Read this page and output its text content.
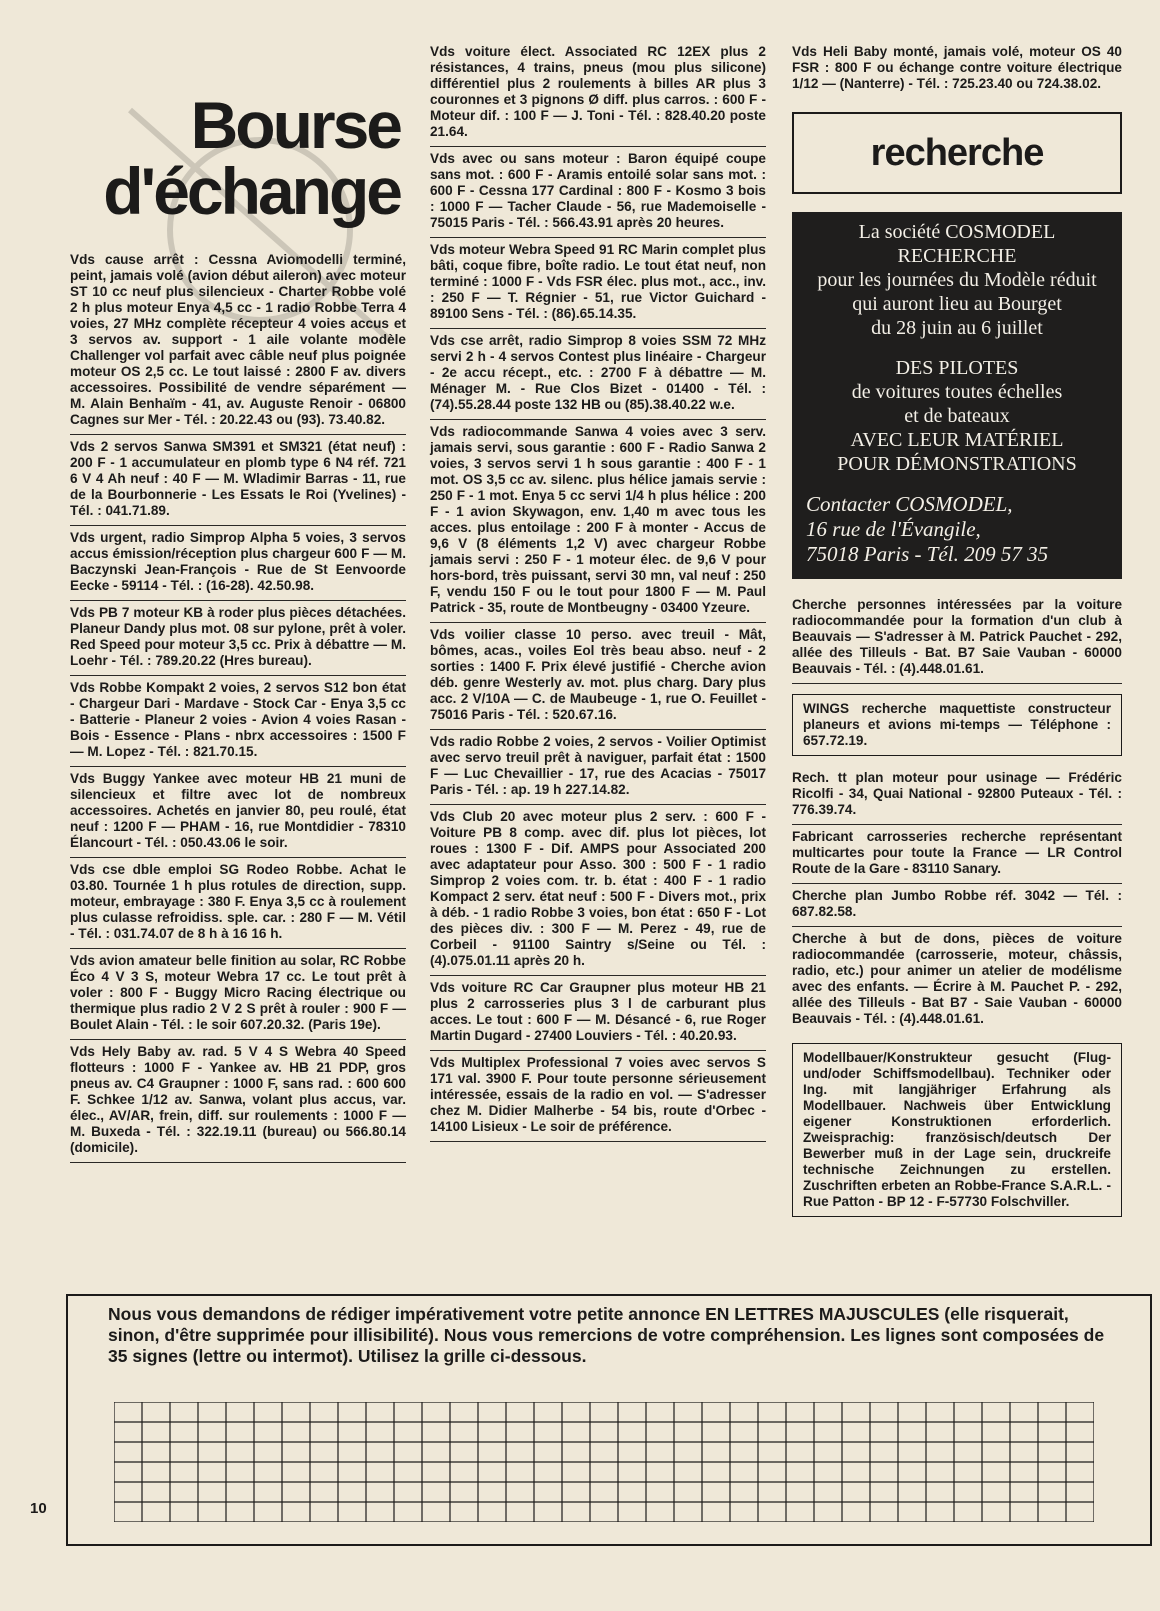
Bourse
d'échange

Vds cause arrêt : Cessna Aviomodelli terminé, peint, jamais volé (avion début aileron) avec moteur ST 10 cc neuf plus silencieux - Charter Robbe volé 2 h plus moteur Enya 4,5 cc - 1 radio Robbe Terra 4 voies, 27 MHz complète récepteur 4 voies accus et 3 servos av. support - 1 aile volante modèle Challenger vol parfait avec câble neuf plus poignée moteur OS 2,5 cc. Le tout laissé : 2800 F av. divers accessoires. Possibilité de vendre séparément — M. Alain Benhaïm - 41, av. Auguste Renoir - 06800 Cagnes sur Mer - Tél. : 20.22.43 ou (93). 73.40.82.

Vds 2 servos Sanwa SM391 et SM321 (état neuf) : 200 F - 1 accumulateur en plomb type 6 N4 réf. 721 6 V 4 Ah neuf : 40 F — M. Wladimir Barras - 11, rue de la Bourbonnerie - Les Essats le Roi (Yvelines) - Tél. : 041.71.89.

Vds urgent, radio Simprop Alpha 5 voies, 3 servos accus émission/réception plus chargeur 600 F — M. Baczynski Jean-François - Rue de St Eenvoorde Eecke - 59114 - Tél. : (16-28). 42.50.98.

Vds PB 7 moteur KB à roder plus pièces détachées. Planeur Dandy plus mot. 08 sur pylone, prêt à voler. Red Speed pour moteur 3,5 cc. Prix à débattre — M. Loehr - Tél. : 789.20.22 (Hres bureau).

Vds Robbe Kompakt 2 voies, 2 servos S12 bon état - Chargeur Dari - Mardave - Stock Car - Enya 3,5 cc - Batterie - Planeur 2 voies - Avion 4 voies Rasan - Bois - Essence - Plans - nbrx accessoires : 1500 F — M. Lopez - Tél. : 821.70.15.

Vds Buggy Yankee avec moteur HB 21 muni de silencieux et filtre avec lot de nombreux accessoires. Achetés en janvier 80, peu roulé, état neuf : 1200 F — PHAM - 16, rue Montdidier - 78310 Élancourt - Tél. : 050.43.06 le soir.

Vds cse dble emploi SG Rodeo Robbe. Achat le 03.80. Tournée 1 h plus rotules de direction, supp. moteur, embrayage : 380 F. Enya 3,5 cc à roulement plus culasse refroidiss. sple. car. : 280 F — M. Vétil - Tél. : 031.74.07 de 8 h à 16 16 h.

Vds avion amateur belle finition au solar, RC Robbe Éco 4 V 3 S, moteur Webra 17 cc. Le tout prêt à voler : 800 F - Buggy Micro Racing électrique ou thermique plus radio 2 V 2 S prêt à rouler : 900 F — Boulet Alain - Tél. : le soir 607.20.32. (Paris 19e).

Vds Hely Baby av. rad. 5 V 4 S Webra 40 Speed flotteurs : 1000 F - Yankee av. HB 21 PDP, gros pneus av. C4 Graupner : 1000 F, sans rad. : 600 600 F. Schkee 1/12 av. Sanwa, volant plus accus, var. élec., AV/AR, frein, diff. sur roulements : 1000 F — M. Buxeda - Tél. : 322.19.11 (bureau) ou 566.80.14 (domicile).

Vds voiture élect. Associated RC 12EX plus 2 résistances, 4 trains, pneus (mou plus silicone) différentiel plus 2 roulements à billes AR plus 3 couronnes et 3 pignons Ø diff. plus carros. : 600 F - Moteur dif. : 100 F — J. Toni - Tél. : 828.40.20 poste 21.64.

Vds avec ou sans moteur : Baron équipé coupe sans mot. : 600 F - Aramis entoilé solar sans mot. : 600 F - Cessna 177 Cardinal : 800 F - Kosmo 3 bois : 1000 F — Tacher Claude - 56, rue Mademoiselle - 75015 Paris - Tél. : 566.43.91 après 20 heures.

Vds moteur Webra Speed 91 RC Marin complet plus bâti, coque fibre, boîte radio. Le tout état neuf, non terminé : 1000 F - Vds FSR élec. plus mot., acc., inv. : 250 F — T. Régnier - 51, rue Victor Guichard - 89100 Sens - Tél. : (86).65.14.35.

Vds cse arrêt, radio Simprop 8 voies SSM 72 MHz servi 2 h - 4 servos Contest plus linéaire - Chargeur - 2e accu récept., etc. : 2700 F à débattre — M. Ménager M. - Rue Clos Bizet - 01400 - Tél. : (74).55.28.44 poste 132 HB ou (85).38.40.22 w.e.

Vds radiocommande Sanwa 4 voies avec 3 serv. jamais servi, sous garantie : 600 F - Radio Sanwa 2 voies, 3 servos servi 1 h sous garantie : 400 F - 1 mot. OS 3,5 cc av. silenc. plus hélice jamais servie : 250 F - 1 mot. Enya 5 cc servi 1/4 h plus hélice : 200 F - 1 avion Skywagon, env. 1,40 m avec tous les acces. plus entoilage : 200 F à monter - Accus de 9,6 V (8 éléments 1,2 V) avec chargeur Robbe jamais servi : 250 F - 1 moteur élec. de 9,6 V pour hors-bord, très puissant, servi 30 mn, val neuf : 250 F, vendu 150 F ou le tout pour 1800 F — M. Paul Patrick - 35, route de Montbeugny - 03400 Yzeure.

Vds voilier classe 10 perso. avec treuil - Mât, bômes, acas., voiles Eol très beau abso. neuf - 2 sorties : 1400 F. Prix élevé justifié - Cherche avion déb. genre Westerly av. mot. plus charg. Dary plus acc. 2 V/10A — C. de Maubeuge - 1, rue O. Feuillet - 75016 Paris - Tél. : 520.67.16.

Vds radio Robbe 2 voies, 2 servos - Voilier Optimist avec servo treuil prêt à naviguer, parfait état : 1500 F — Luc Chevaillier - 17, rue des Acacias - 75017 Paris - Tél. : ap. 19 h 227.14.82.

Vds Club 20 avec moteur plus 2 serv. : 600 F - Voiture PB 8 comp. avec dif. plus lot pièces, lot roues : 1300 F - Dif. AMPS pour Associated 200 avec adaptateur pour Asso. 300 : 500 F - 1 radio Simprop 2 voies com. tr. b. état : 400 F - 1 radio Kompact 2 serv. état neuf : 500 F - Divers mot., prix à déb. - 1 radio Robbe 3 voies, bon état : 650 F - Lot des pièces div. : 300 F — M. Perez - 49, rue de Corbeil - 91100 Saintry s/Seine ou Tél. : (4).075.01.11 après 20 h.

Vds voiture RC Car Graupner plus moteur HB 21 plus 2 carrosseries plus 3 l de carburant plus acces. Le tout : 600 F — M. Désancé - 6, rue Roger Martin Dugard - 27400 Louviers - Tél. : 40.20.93.

Vds Multiplex Professional 7 voies avec servos S 171 val. 3900 F. Pour toute personne sérieusement intéressée, essais de la radio en vol. — S'adresser chez M. Didier Malherbe - 54 bis, route d'Orbec - 14100 Lisieux - Le soir de préférence.

Vds Heli Baby monté, jamais volé, moteur OS 40 FSR : 800 F ou échange contre voiture électrique 1/12 — (Nanterre) - Tél. : 725.23.40 ou 724.38.02.

recherche
La société COSMODEL
RECHERCHE
pour les journées du Modèle réduit
qui auront lieu au Bourget
du 28 juin au 6 juillet
DES PILOTES
de voitures toutes échelles
et de bateaux
AVEC LEUR MATÉRIEL
POUR DÉMONSTRATIONS
Contacter COSMODEL,
16 rue de l'Évangile,
75018 Paris - Tél. 209 57 35

Cherche personnes intéressées par la voiture radiocommandée pour la formation d'un club à Beauvais — S'adresser à M. Patrick Pauchet - 292, allée des Tilleuls - Bat. B7 Saie Vauban - 60000 Beauvais - Tél. : (4).448.01.61.

WINGS recherche maquettiste constructeur planeurs et avions mi-temps — Téléphone : 657.72.19.

Rech. tt plan moteur pour usinage — Frédéric Ricolfi - 34, Quai National - 92800 Puteaux - Tél. : 776.39.74.

Fabricant carrosseries recherche représentant multicartes pour toute la France — LR Control Route de la Gare - 83110 Sanary.

Cherche plan Jumbo Robbe réf. 3042 — Tél. : 687.82.58.

Cherche à but de dons, pièces de voiture radiocommandée (carrosserie, moteur, châssis, radio, etc.) pour animer un atelier de modélisme avec des enfants. — Écrire à M. Pauchet P. - 292, allée des Tilleuls - Bat B7 - Saie Vauban - 60000 Beauvais - Tél. : (4).448.01.61.

Modellbauer/Konstrukteur gesucht (Flug- und/oder Schiffsmodellbau). Techniker oder Ing. mit langjähriger Erfahrung als Modellbauer. Nachweis über Entwicklung eigener Konstruktionen erforderlich. Zweisprachig: französisch/deutsch Der Bewerber muß in der Lage sein, druckreife technische Zeichnungen zu erstellen. Zuschriften erbeten an Robbe-France S.A.R.L. - Rue Patton - BP 12 - F-57730 Folschviller.
Nous vous demandons de rédiger impérativement votre petite annonce EN LETTRES MAJUSCULES (elle risquerait, sinon, d'être supprimée pour illisibilité). Nous vous remercions de votre compréhension. Les lignes sont composées de 35 signes (lettre ou intermot). Utilisez la grille ci-dessous.
10
